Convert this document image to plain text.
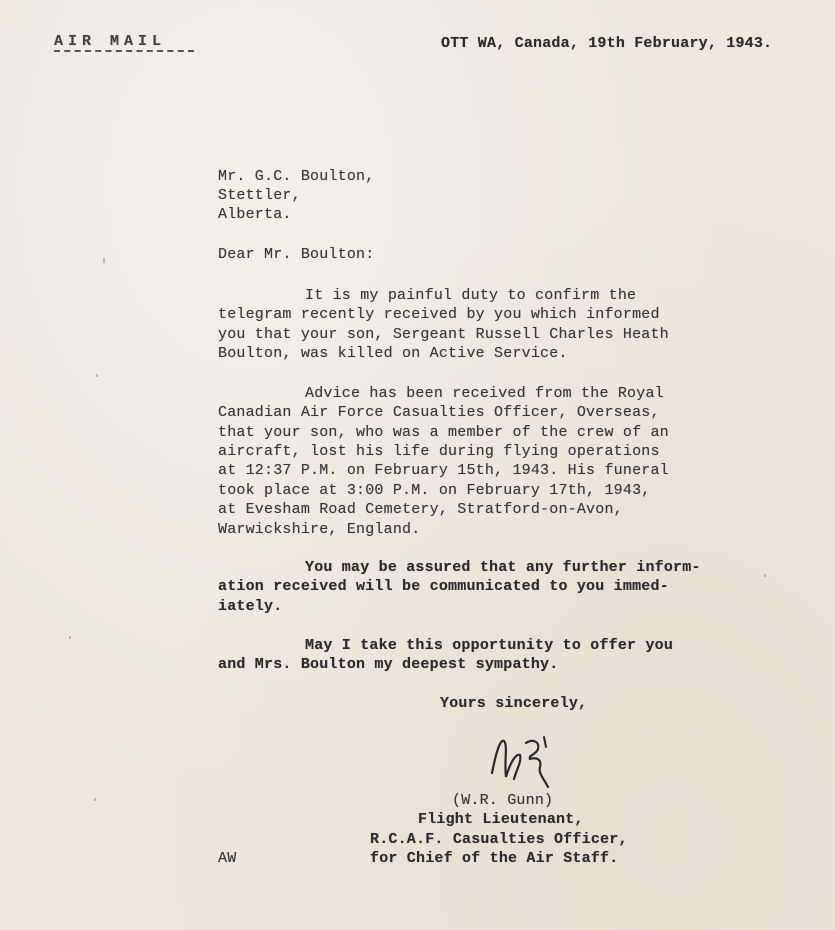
AIR MAIL	OTT WA, Canada, 19th February, 1943.
Mr. G.C. Boulton,
Stettler,
Alberta.
Dear Mr. Boulton:
It is my painful duty to confirm the
telegram recently received by you which informed
you that your son, Sergeant Russell Charles Heath
Boulton, was killed on Active Service.
Advice has been received from the Royal
Canadian Air Force Casualties Officer, Overseas,
that your son, who was a member of the crew of an
aircraft, lost his life during flying operations
at 12:37 P.M. on February 15th, 1943. His funeral
took place at 3:00 P.M. on February 17th, 1943,
at Evesham Road Cemetery, Stratford-on-Avon,
Warwickshire, England.
You may be assured that any further inform-
ation received will be communicated to you immed-
iately.
May I take this opportunity to offer you
and Mrs. Boulton my deepest sympathy.
Yours sincerely,
(W.R. Gunn)
Flight Lieutenant,
R.C.A.F. Casualties Officer,
for Chief of the Air Staff.
AW
